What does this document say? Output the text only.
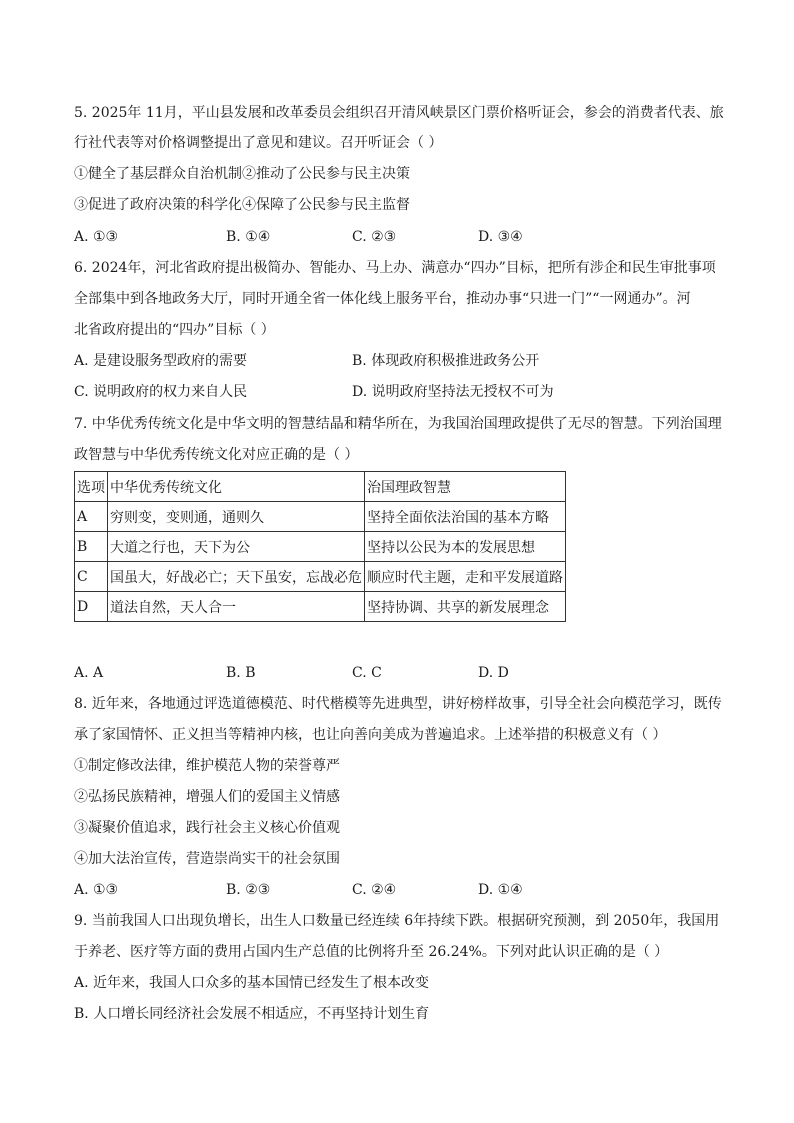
5. 2025年 11月，平山县发展和改革委员会组织召开清风峡景区门票价格听证会，参会的消费者代表、旅
行社代表等对价格调整提出了意见和建议。召开听证会（ ）
①健全了基层群众自治机制②推动了公民参与民主决策
③促进了政府决策的科学化④保障了公民参与民主监督
A. ①③	B. ①④	C. ②③	D. ③④
6. 2024年，河北省政府提出极简办、智能办、马上办、满意办“四办”目标，把所有涉企和民生审批事项
全部集中到各地政务大厅，同时开通全省一体化线上服务平台，推动办事“只进一门”“一网通办”。河
北省政府提出的“四办”目标（ ）
A. 是建设服务型政府的需要	B. 体现政府积极推进政务公开
C. 说明政府的权力来自人民	D. 说明政府坚持法无授权不可为
7. 中华优秀传统文化是中华文明的智慧结晶和精华所在，为我国治国理政提供了无尽的智慧。下列治国理
政智慧与中华优秀传统文化对应正确的是（ ）
选项	中华优秀传统文化	治国理政智慧
A	穷则变，变则通，通则久	坚持全面依法治国的基本方略
B	大道之行也，天下为公	坚持以公民为本的发展思想
C	国虽大，好战必亡；天下虽安，忘战必危	顺应时代主题，走和平发展道路
D	道法自然，天人合一	坚持协调、共享的新发展理念
A. A	B. B	C. C	D. D
8. 近年来，各地通过评选道德模范、时代楷模等先进典型，讲好榜样故事，引导全社会向模范学习，既传
承了家国情怀、正义担当等精神内核，也让向善向美成为普遍追求。上述举措的积极意义有（ ）
①制定修改法律，维护模范人物的荣誉尊严
②弘扬民族精神，增强人们的爱国主义情感
③凝聚价值追求，践行社会主义核心价值观
④加大法治宣传，营造崇尚实干的社会氛围
A. ①③	B. ②③	C. ②④	D. ①④
9. 当前我国人口出现负增长，出生人口数量已经连续 6年持续下跌。根据研究预测，到 2050年，我国用
于养老、医疗等方面的费用占国内生产总值的比例将升至 26.24%。下列对此认识正确的是（ ）
A. 近年来，我国人口众多的基本国情已经发生了根本改变
B. 人口增长同经济社会发展不相适应，不再坚持计划生育
